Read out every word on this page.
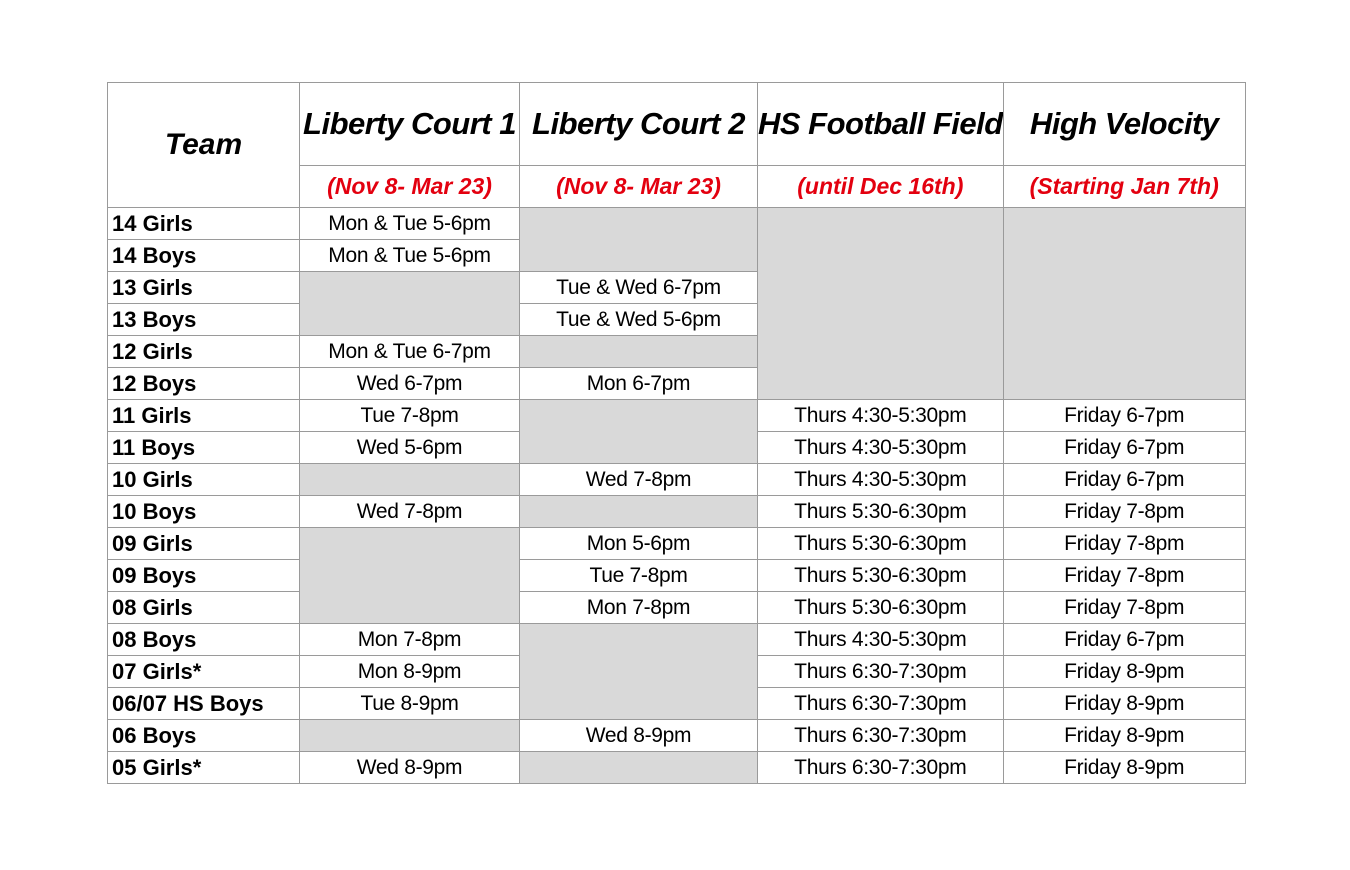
Team	Liberty Court 1	Liberty Court 2	HS Football Field	High Velocity
	(Nov 8- Mar 23)	(Nov 8- Mar 23)	(until Dec 16th)	(Starting Jan 7th)
14 Girls	Mon & Tue 5-6pm			
14 Boys	Mon & Tue 5-6pm			
13 Girls		Tue & Wed 6-7pm		
13 Boys		Tue & Wed 5-6pm		
12 Girls	Mon & Tue 6-7pm			
12 Boys	Wed 6-7pm	Mon 6-7pm		
11 Girls	Tue 7-8pm		Thurs 4:30-5:30pm	Friday 6-7pm
11 Boys	Wed 5-6pm		Thurs 4:30-5:30pm	Friday 6-7pm
10 Girls		Wed 7-8pm	Thurs 4:30-5:30pm	Friday 6-7pm
10 Boys	Wed 7-8pm		Thurs 5:30-6:30pm	Friday 7-8pm
09 Girls		Mon 5-6pm	Thurs 5:30-6:30pm	Friday 7-8pm
09 Boys		Tue 7-8pm	Thurs 5:30-6:30pm	Friday 7-8pm
08 Girls		Mon 7-8pm	Thurs 5:30-6:30pm	Friday 7-8pm
08 Boys	Mon 7-8pm		Thurs 4:30-5:30pm	Friday 6-7pm
07 Girls*	Mon 8-9pm		Thurs 6:30-7:30pm	Friday 8-9pm
06/07 HS Boys	Tue 8-9pm		Thurs 6:30-7:30pm	Friday 8-9pm
06 Boys		Wed 8-9pm	Thurs 6:30-7:30pm	Friday 8-9pm
05 Girls*	Wed 8-9pm		Thurs 6:30-7:30pm	Friday 8-9pm
